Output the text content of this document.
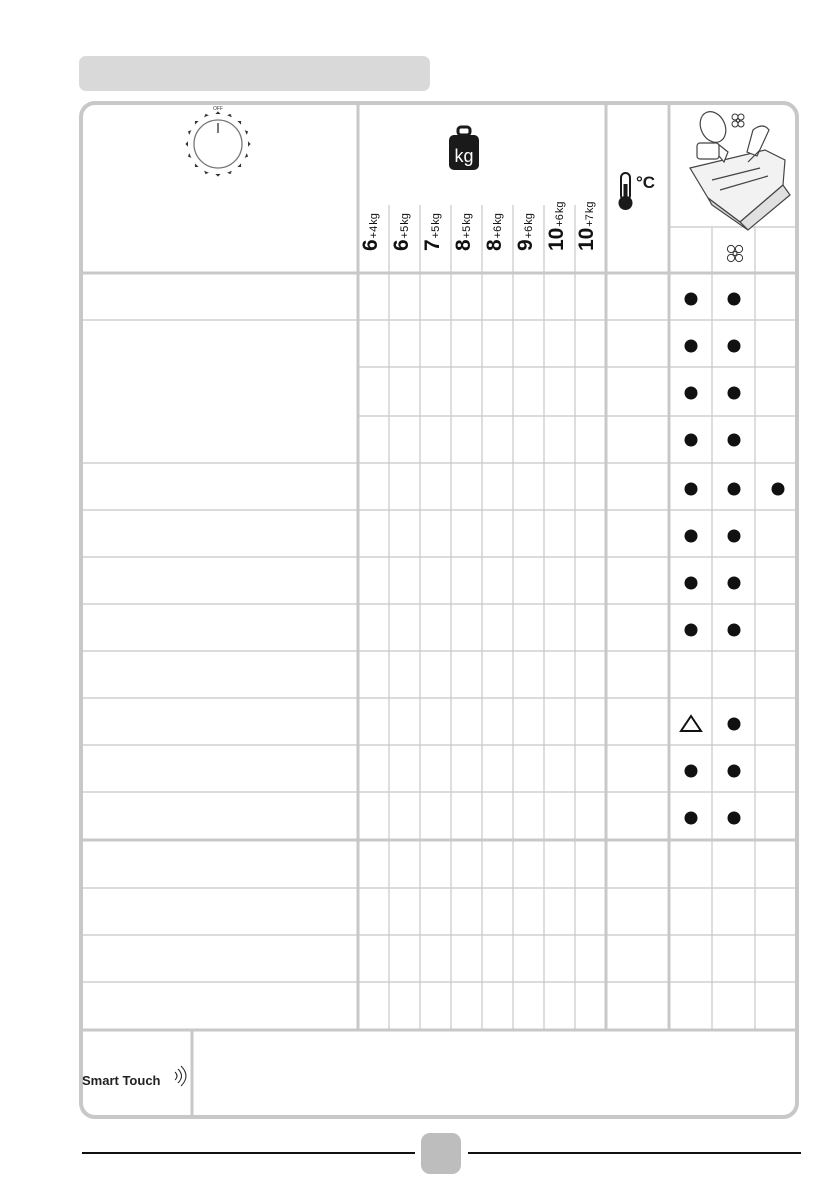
OFF
kg
°C
6
+4
kg
6
+5
kg
7
+5
kg
8
+5
kg
8
+6
kg
9
+6
kg
10
+6
kg
10
+7
kg
Smart Touch
